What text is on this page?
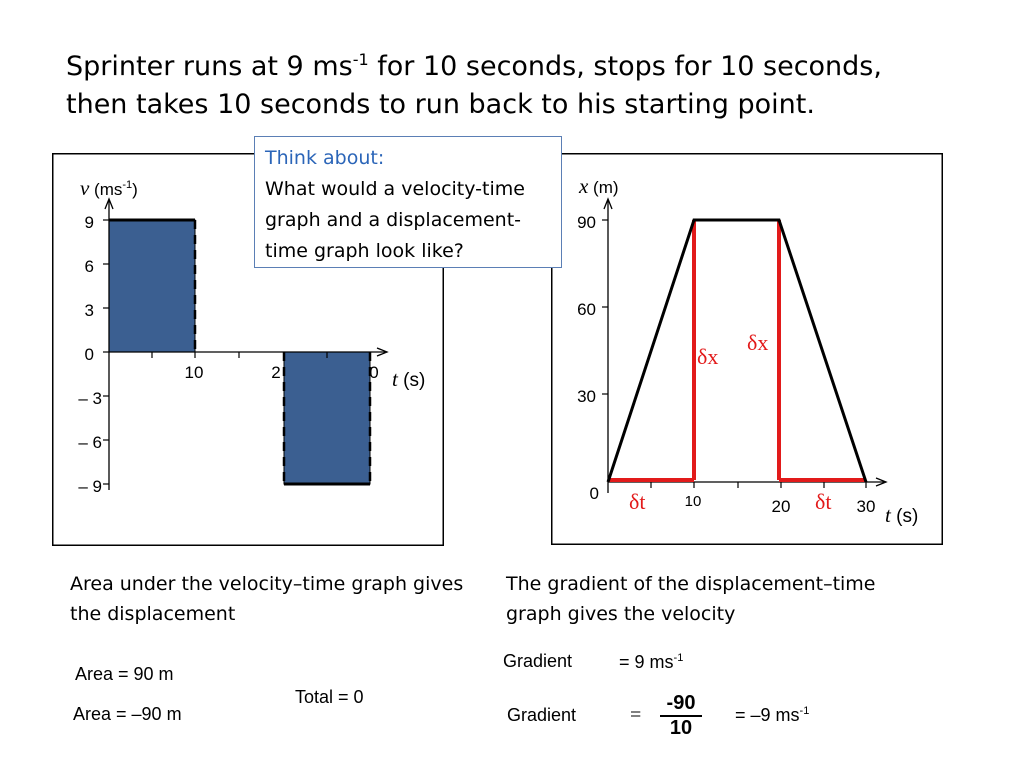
Sprinter runs at 9 $ms^{-1}$ for 10 seconds, stops for 10 seconds,
then takes 10 seconds to run back to his starting point.
9
6
3
0
– 3
– 6
– 9
10	2	0
v $(ms^{-1})$
t (s)
90
60
30
0	10	20	30
x (m)
t (s)
δx
δx
δt	δt
Think about:
What would a velocity-time graph and a displacement-time graph look like?
Area under the velocity–time graph gives the displacement
The gradient of the displacement–time graph gives the velocity
Area = 90 m
Area = –90 m
Total = 0
Gradient	= 9 $ms^{-1}$
Gradient	= $\frac{-90}{10} = -9$ $ms^{-1}$
